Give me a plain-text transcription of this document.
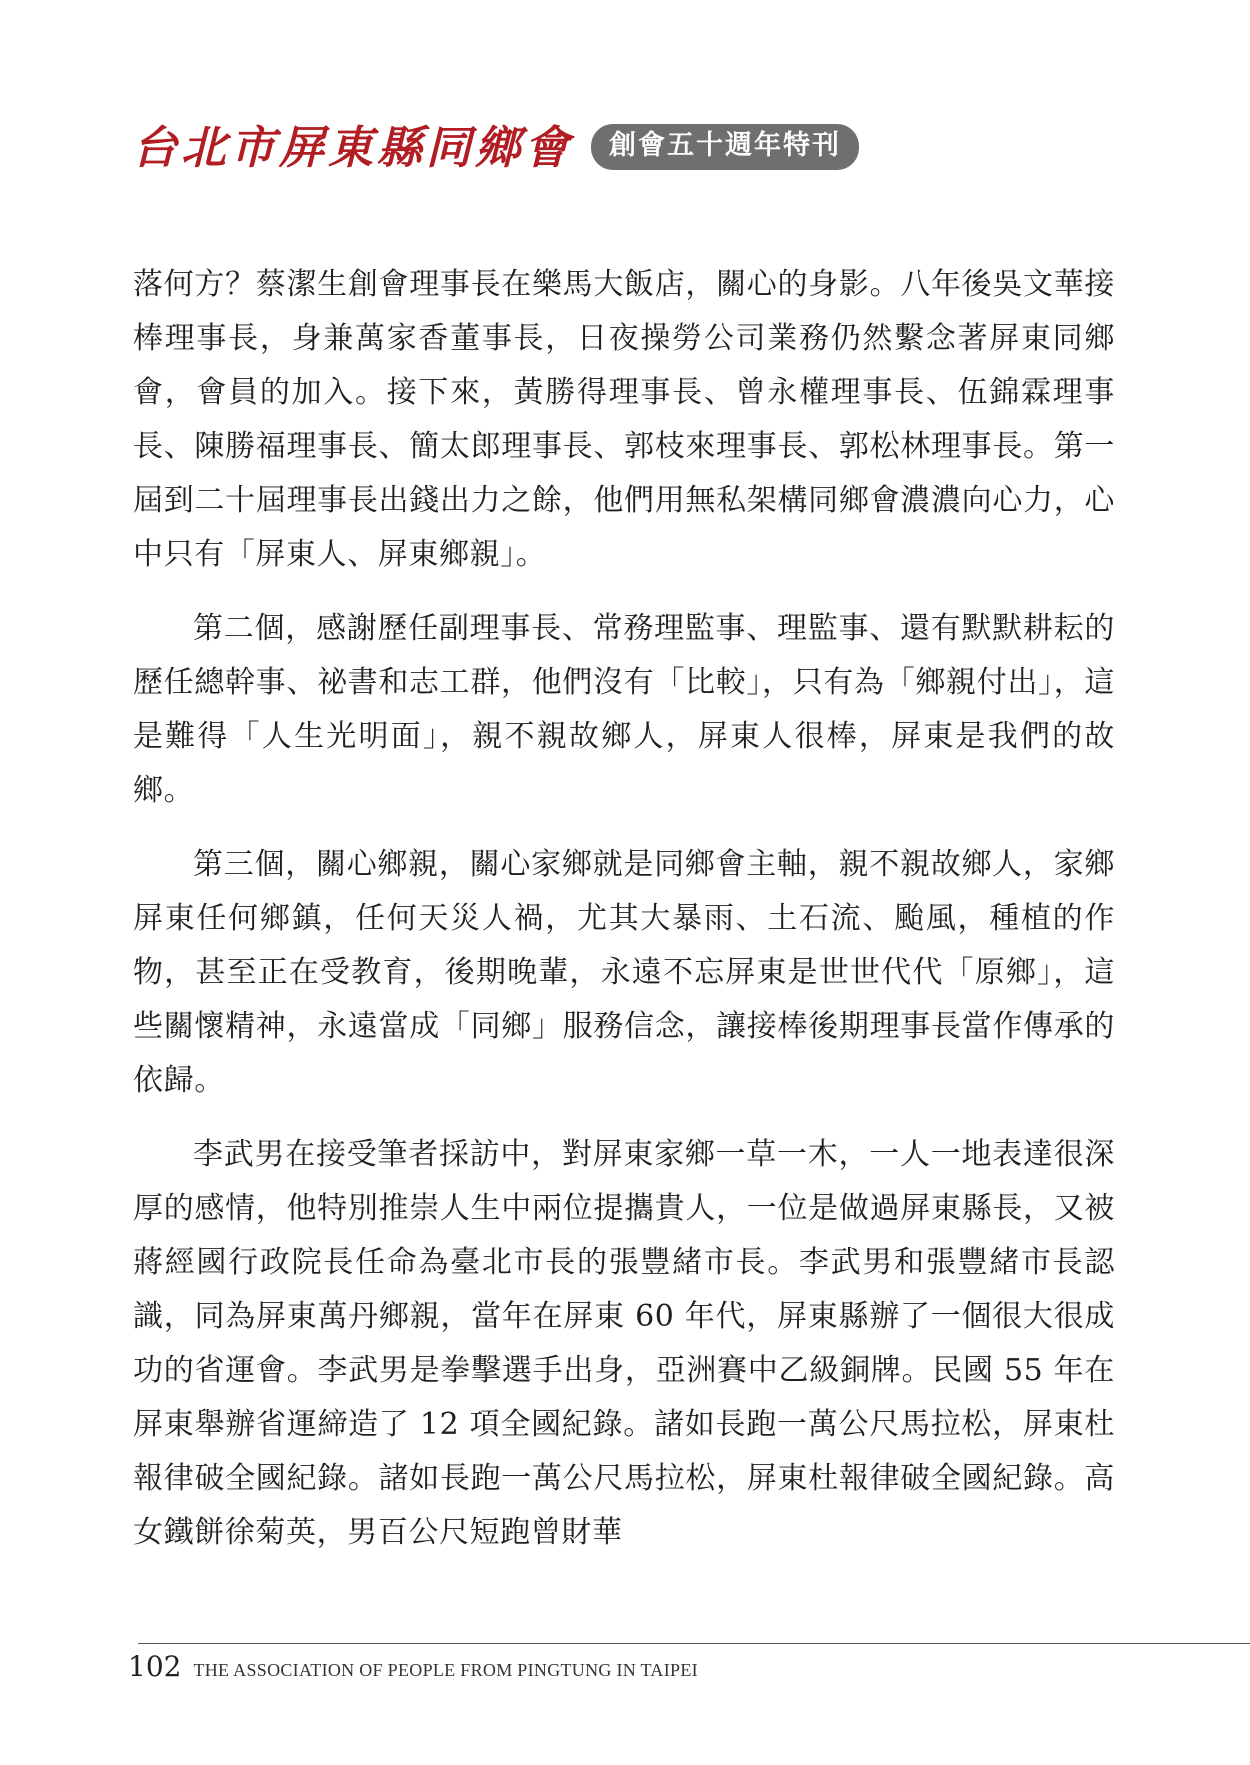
台北市屏東縣同鄉會	創會五十週年特刊

落何方？蔡潔生創會理事長在樂馬大飯店，關心的身影。八年後吳文華接棒理事長，身兼萬家香董事長，日夜操勞公司業務仍然繫念著屏東同鄉會，會員的加入。接下來，黃勝得理事長、曾永權理事長、伍錦霖理事長、陳勝福理事長、簡太郎理事長、郭枝來理事長、郭松林理事長。第一屆到二十屆理事長出錢出力之餘，他們用無私架構同鄉會濃濃向心力，心中只有「屏東人、屏東鄉親」。

第二個，感謝歷任副理事長、常務理監事、理監事、還有默默耕耘的歷任總幹事、祕書和志工群，他們沒有「比較」，只有為「鄉親付出」，這是難得「人生光明面」，親不親故鄉人，屏東人很棒，屏東是我們的故鄉。

第三個，關心鄉親，關心家鄉就是同鄉會主軸，親不親故鄉人，家鄉屏東任何鄉鎮，任何天災人禍，尤其大暴雨、土石流、颱風，種植的作物，甚至正在受教育，後期晚輩，永遠不忘屏東是世世代代「原鄉」，這些關懷精神，永遠當成「同鄉」服務信念，讓接棒後期理事長當作傳承的依歸。

李武男在接受筆者採訪中，對屏東家鄉一草一木，一人一地表達很深厚的感情，他特別推崇人生中兩位提攜貴人，一位是做過屏東縣長，又被蔣經國行政院長任命為臺北市長的張豐緒市長。李武男和張豐緒市長認識，同為屏東萬丹鄉親，當年在屏東 60 年代，屏東縣辦了一個很大很成功的省運會。李武男是拳擊選手出身，亞洲賽中乙級銅牌。民國 55 年在屏東舉辦省運締造了 12 項全國紀錄。諸如長跑一萬公尺馬拉松，屏東杜報律破全國紀錄。諸如長跑一萬公尺馬拉松，屏東杜報律破全國紀錄。高女鐵餅徐菊英，男百公尺短跑曾財華

102 THE ASSOCIATION OF PEOPLE FROM PINGTUNG IN TAIPEI
